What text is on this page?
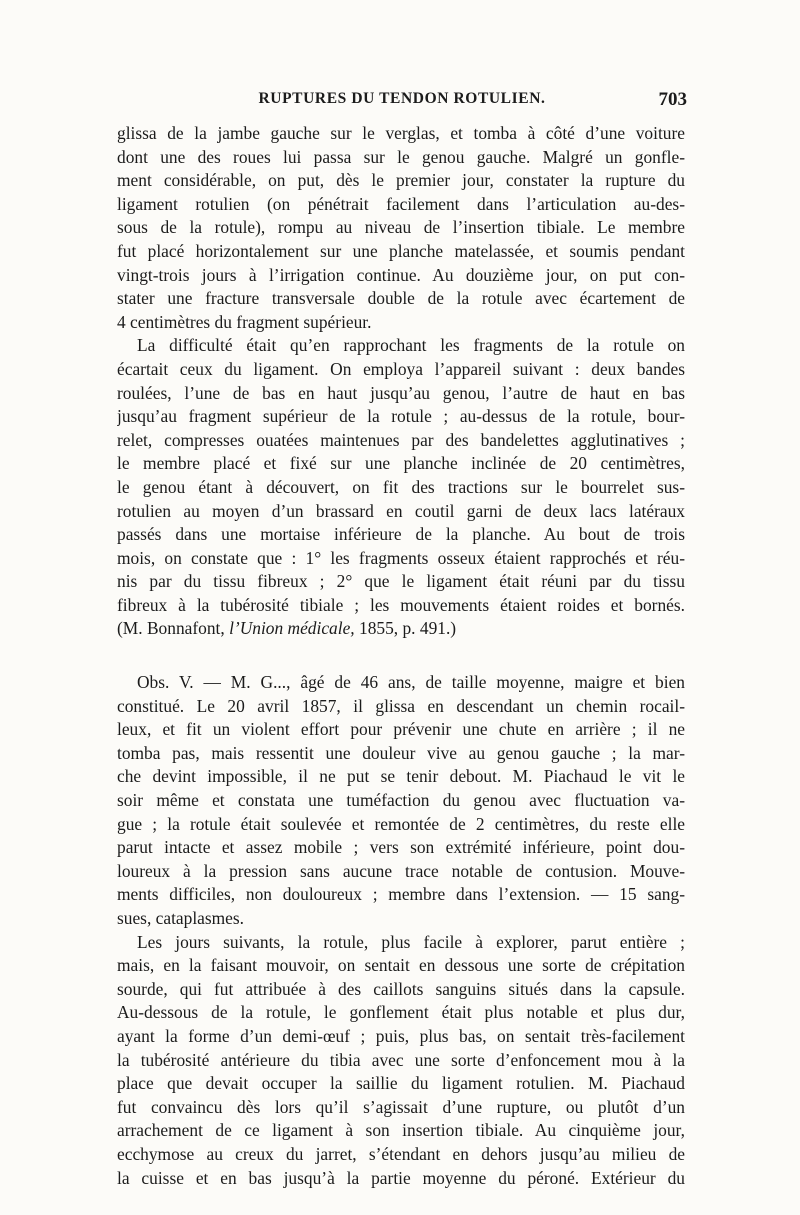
RUPTURES DU TENDON ROTULIEN.	703
glissa de la jambe gauche sur le verglas, et tomba à côté d’une voiture
dont une des roues lui passa sur le genou gauche. Malgré un gonfle-
ment considérable, on put, dès le premier jour, constater la rupture du
ligament rotulien (on pénétrait facilement dans l’articulation au-des-
sous de la rotule), rompu au niveau de l’insertion tibiale. Le membre
fut placé horizontalement sur une planche matelassée, et soumis pendant
vingt-trois jours à l’irrigation continue. Au douzième jour, on put con-
stater une fracture transversale double de la rotule avec écartement de
4 centimètres du fragment supérieur.
La difficulté était qu’en rapprochant les fragments de la rotule on
écartait ceux du ligament. On employa l’appareil suivant : deux bandes
roulées, l’une de bas en haut jusqu’au genou, l’autre de haut en bas
jusqu’au fragment supérieur de la rotule ; au-dessus de la rotule, bour-
relet, compresses ouatées maintenues par des bandelettes agglutinatives ;
le membre placé et fixé sur une planche inclinée de 20 centimètres,
le genou étant à découvert, on fit des tractions sur le bourrelet sus-
rotulien au moyen d’un brassard en coutil garni de deux lacs latéraux
passés dans une mortaise inférieure de la planche. Au bout de trois
mois, on constate que : 1° les fragments osseux étaient rapprochés et réu-
nis par du tissu fibreux ; 2° que le ligament était réuni par du tissu
fibreux à la tubérosité tibiale ; les mouvements étaient roides et bornés.
(M. Bonnafont, l’Union médicale, 1855, p. 491.)
Obs. V. — M. G..., âgé de 46 ans, de taille moyenne, maigre et bien
constitué. Le 20 avril 1857, il glissa en descendant un chemin rocail-
leux, et fit un violent effort pour prévenir une chute en arrière ; il ne
tomba pas, mais ressentit une douleur vive au genou gauche ; la mar-
che devint impossible, il ne put se tenir debout. M. Piachaud le vit le
soir même et constata une tuméfaction du genou avec fluctuation va-
gue ; la rotule était soulevée et remontée de 2 centimètres, du reste elle
parut intacte et assez mobile ; vers son extrémité inférieure, point dou-
loureux à la pression sans aucune trace notable de contusion. Mouve-
ments difficiles, non douloureux ; membre dans l’extension. — 15 sang-
sues, cataplasmes.
Les jours suivants, la rotule, plus facile à explorer, parut entière ;
mais, en la faisant mouvoir, on sentait en dessous une sorte de crépitation
sourde, qui fut attribuée à des caillots sanguins situés dans la capsule.
Au-dessous de la rotule, le gonflement était plus notable et plus dur,
ayant la forme d’un demi-œuf ; puis, plus bas, on sentait très-facilement
la tubérosité antérieure du tibia avec une sorte d’enfoncement mou à la
place que devait occuper la saillie du ligament rotulien. M. Piachaud
fut convaincu dès lors qu’il s’agissait d’une rupture, ou plutôt d’un
arrachement de ce ligament à son insertion tibiale. Au cinquième jour,
ecchymose au creux du jarret, s’étendant en dehors jusqu’au milieu de
la cuisse et en bas jusqu’à la partie moyenne du péroné. Extérieur du
